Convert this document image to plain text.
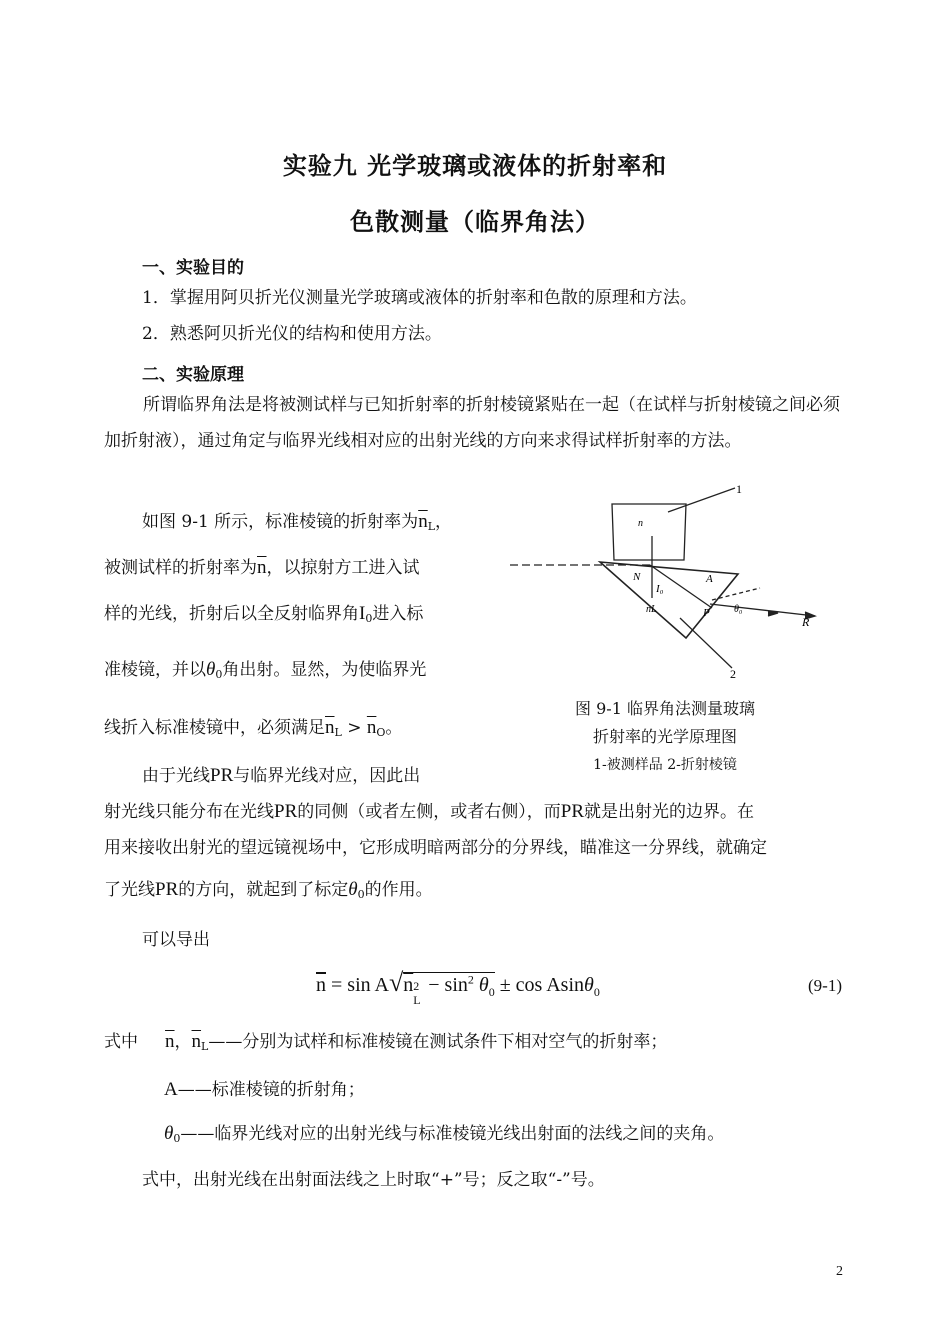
实验九 光学玻璃或液体的折射率和
色散测量（临界角法）
一、实验目的
1．掌握用阿贝折光仪测量光学玻璃或液体的折射率和色散的原理和方法。
2．熟悉阿贝折光仪的结构和使用方法。
二、实验原理
所谓临界角法是将被测试样与已知折射率的折射棱镜紧贴在一起（在试样与折射棱镜之间必须加折射液），通过角定与临界光线相对应的出射光线的方向来求得试样折射率的方法。
如图 9-1 所示，标准棱镜的折射率为$\overline{n}L$，
被测试样的折射率为$\overline{n}$，以掠射方工进入试
样的光线，折射后以全反射临界角I0进入标
准棱镜，并以θ0角出射。显然，为使临界光
线折入标准棱镜中，必须满足$\overline{n}L > \overline{n}O$。
由于光线PR与临界光线对应，因此出
射光线只能分布在光线PR的同侧（或者左侧，或者右侧），而PR就是出射光的边界。在
用来接收出射光的望远镜视场中，它形成明暗两部分的分界线，瞄准这一分界线，就确定
了光线PR的方向，就起到了标定θ0的作用。
可以导出
$\overline{n} = \sin A√n$ 2
L
− $\sin^2 \theta_0 \pm \cos Asin\theta_0$	(9-1)
式中 $\overline{n}$，$\overline{n}L——$分别为试样和标准棱镜在测试条件下相对空气的折射率；
A——标准棱镜的折射角；
θ0——临界光线对应的出射光线与标准棱镜光线出射面的法线之间的夹角。
式中，出射光线在出射面法线之上时取“+”号；反之取“-”号。
1
2
n
N
I₀
A
nL	P θ₀
R
图 9-1 临界角法测量玻璃
折射率的光学原理图
1-被测样品 2-折射棱镜
2
